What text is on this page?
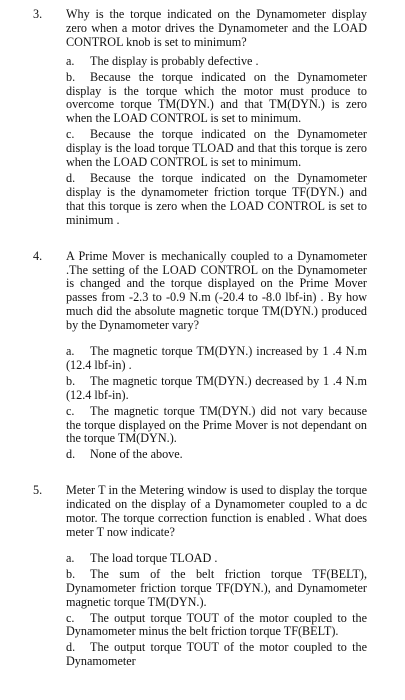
3. Why is the torque indicated on the Dynamometer display zero when a motor drives the Dynamometer and the LOAD CONTROL knob is set to minimum?
a. The display is probably defective .
b. Because the torque indicated on the Dynamometer display is the torque which the motor must produce to overcome torque TM(DYN.) and that TM(DYN.) is zero when the LOAD CONTROL is set to minimum.
c. Because the torque indicated on the Dynamometer display is the load torque TLOAD and that this torque is zero when the LOAD CONTROL is set to minimum.
d. Because the torque indicated on the Dynamometer display is the dynamometer friction torque TF(DYN.) and that this torque is zero when the LOAD CONTROL is set to minimum .
4. A Prime Mover is mechanically coupled to a Dynamometer .The setting of the LOAD CONTROL on the Dynamometer is changed and the torque displayed on the Prime Mover passes from -2.3 to -0.9 N.m (-20.4 to -8.0 lbf-in) . By how much did the absolute magnetic torque TM(DYN.) produced by the Dynamometer vary?
a. The magnetic torque TM(DYN.) increased by 1 .4 N.m (12.4 lbf-in) .
b. The magnetic torque TM(DYN.) decreased by 1 .4 N.m (12.4 lbf-in).
c. The magnetic torque TM(DYN.) did not vary because the torque displayed on the Prime Mover is not dependant on the torque TM(DYN.).
d. None of the above.
5. Meter T in the Metering window is used to display the torque indicated on the display of a Dynamometer coupled to a dc motor. The torque correction function is enabled . What does meter T now indicate?
a. The load torque TLOAD .
b. The sum of the belt friction torque TF(BELT), Dynamometer friction torque TF(DYN.), and Dynamometer magnetic torque TM(DYN.).
c. The output torque TOUT of the motor coupled to the Dynamometer minus the belt friction torque TF(BELT).
d. The output torque TOUT of the motor coupled to the Dynamometer
